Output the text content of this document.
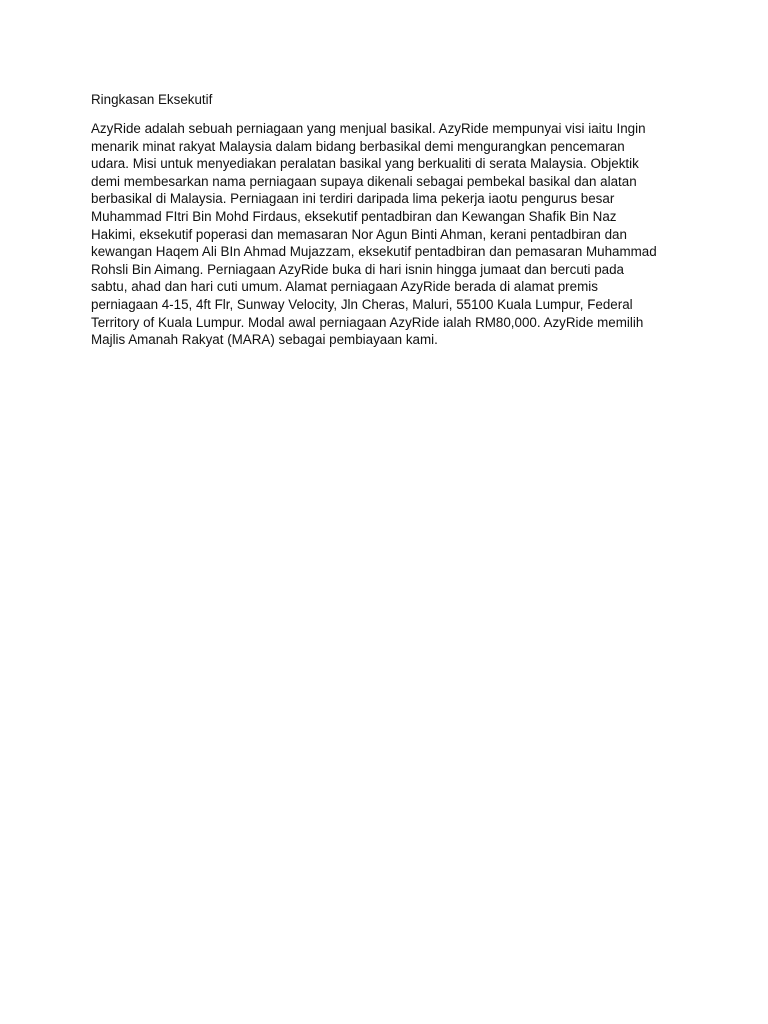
Ringkasan Eksekutif
AzyRide adalah sebuah perniagaan yang menjual basikal. AzyRide mempunyai visi iaitu Ingin
menarik minat rakyat Malaysia dalam bidang berbasikal demi mengurangkan pencemaran
udara. Misi untuk menyediakan peralatan basikal yang berkualiti di serata Malaysia. Objektik
demi membesarkan nama perniagaan supaya dikenali sebagai pembekal basikal dan alatan
berbasikal di Malaysia. Perniagaan ini terdiri daripada lima pekerja iaotu pengurus besar
Muhammad FItri Bin Mohd Firdaus, eksekutif pentadbiran dan Kewangan Shafik Bin Naz
Hakimi, eksekutif poperasi dan memasaran Nor Agun Binti Ahman, kerani pentadbiran dan
kewangan Haqem Ali BIn Ahmad Mujazzam, eksekutif pentadbiran dan pemasaran Muhammad
Rohsli Bin Aimang. Perniagaan AzyRide buka di hari isnin hingga jumaat dan bercuti pada
sabtu, ahad dan hari cuti umum. Alamat perniagaan AzyRide berada di alamat premis
perniagaan 4-15, 4ft Flr, Sunway Velocity, Jln Cheras, Maluri, 55100 Kuala Lumpur, Federal
Territory of Kuala Lumpur. Modal awal perniagaan AzyRide ialah RM80,000. AzyRide memilih
Majlis Amanah Rakyat (MARA) sebagai pembiayaan kami.
